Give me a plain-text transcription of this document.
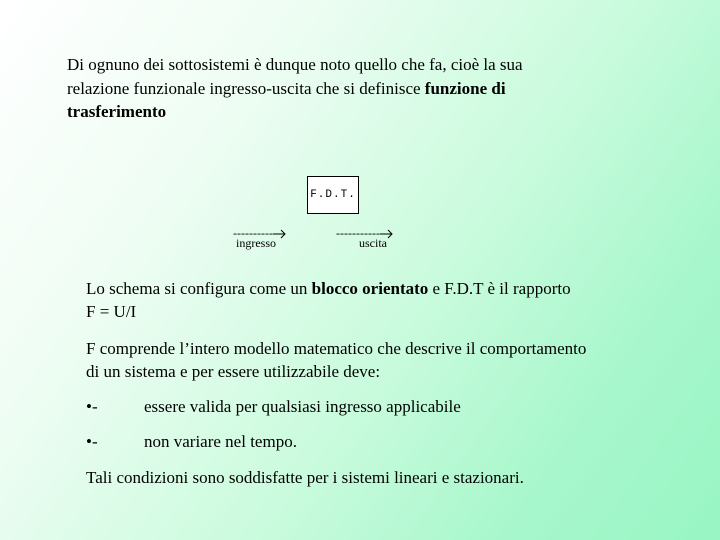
Di ognuno dei sottosistemi è dunque noto quello che fa, cioè la sua
relazione funzionale ingresso-uscita che si definisce funzione di
trasferimento
F.D.T.
----------
ingresso
-----------
uscita
Lo schema si configura come un blocco orientato e F.D.T è il rapporto
F = U/I
F comprende l’intero modello matematico che descrive il comportamento
di un sistema e per essere utilizzabile deve:
•-	essere valida per qualsiasi ingresso applicabile
•-	non variare nel tempo.
Tali condizioni sono soddisfatte per i sistemi lineari e stazionari.
